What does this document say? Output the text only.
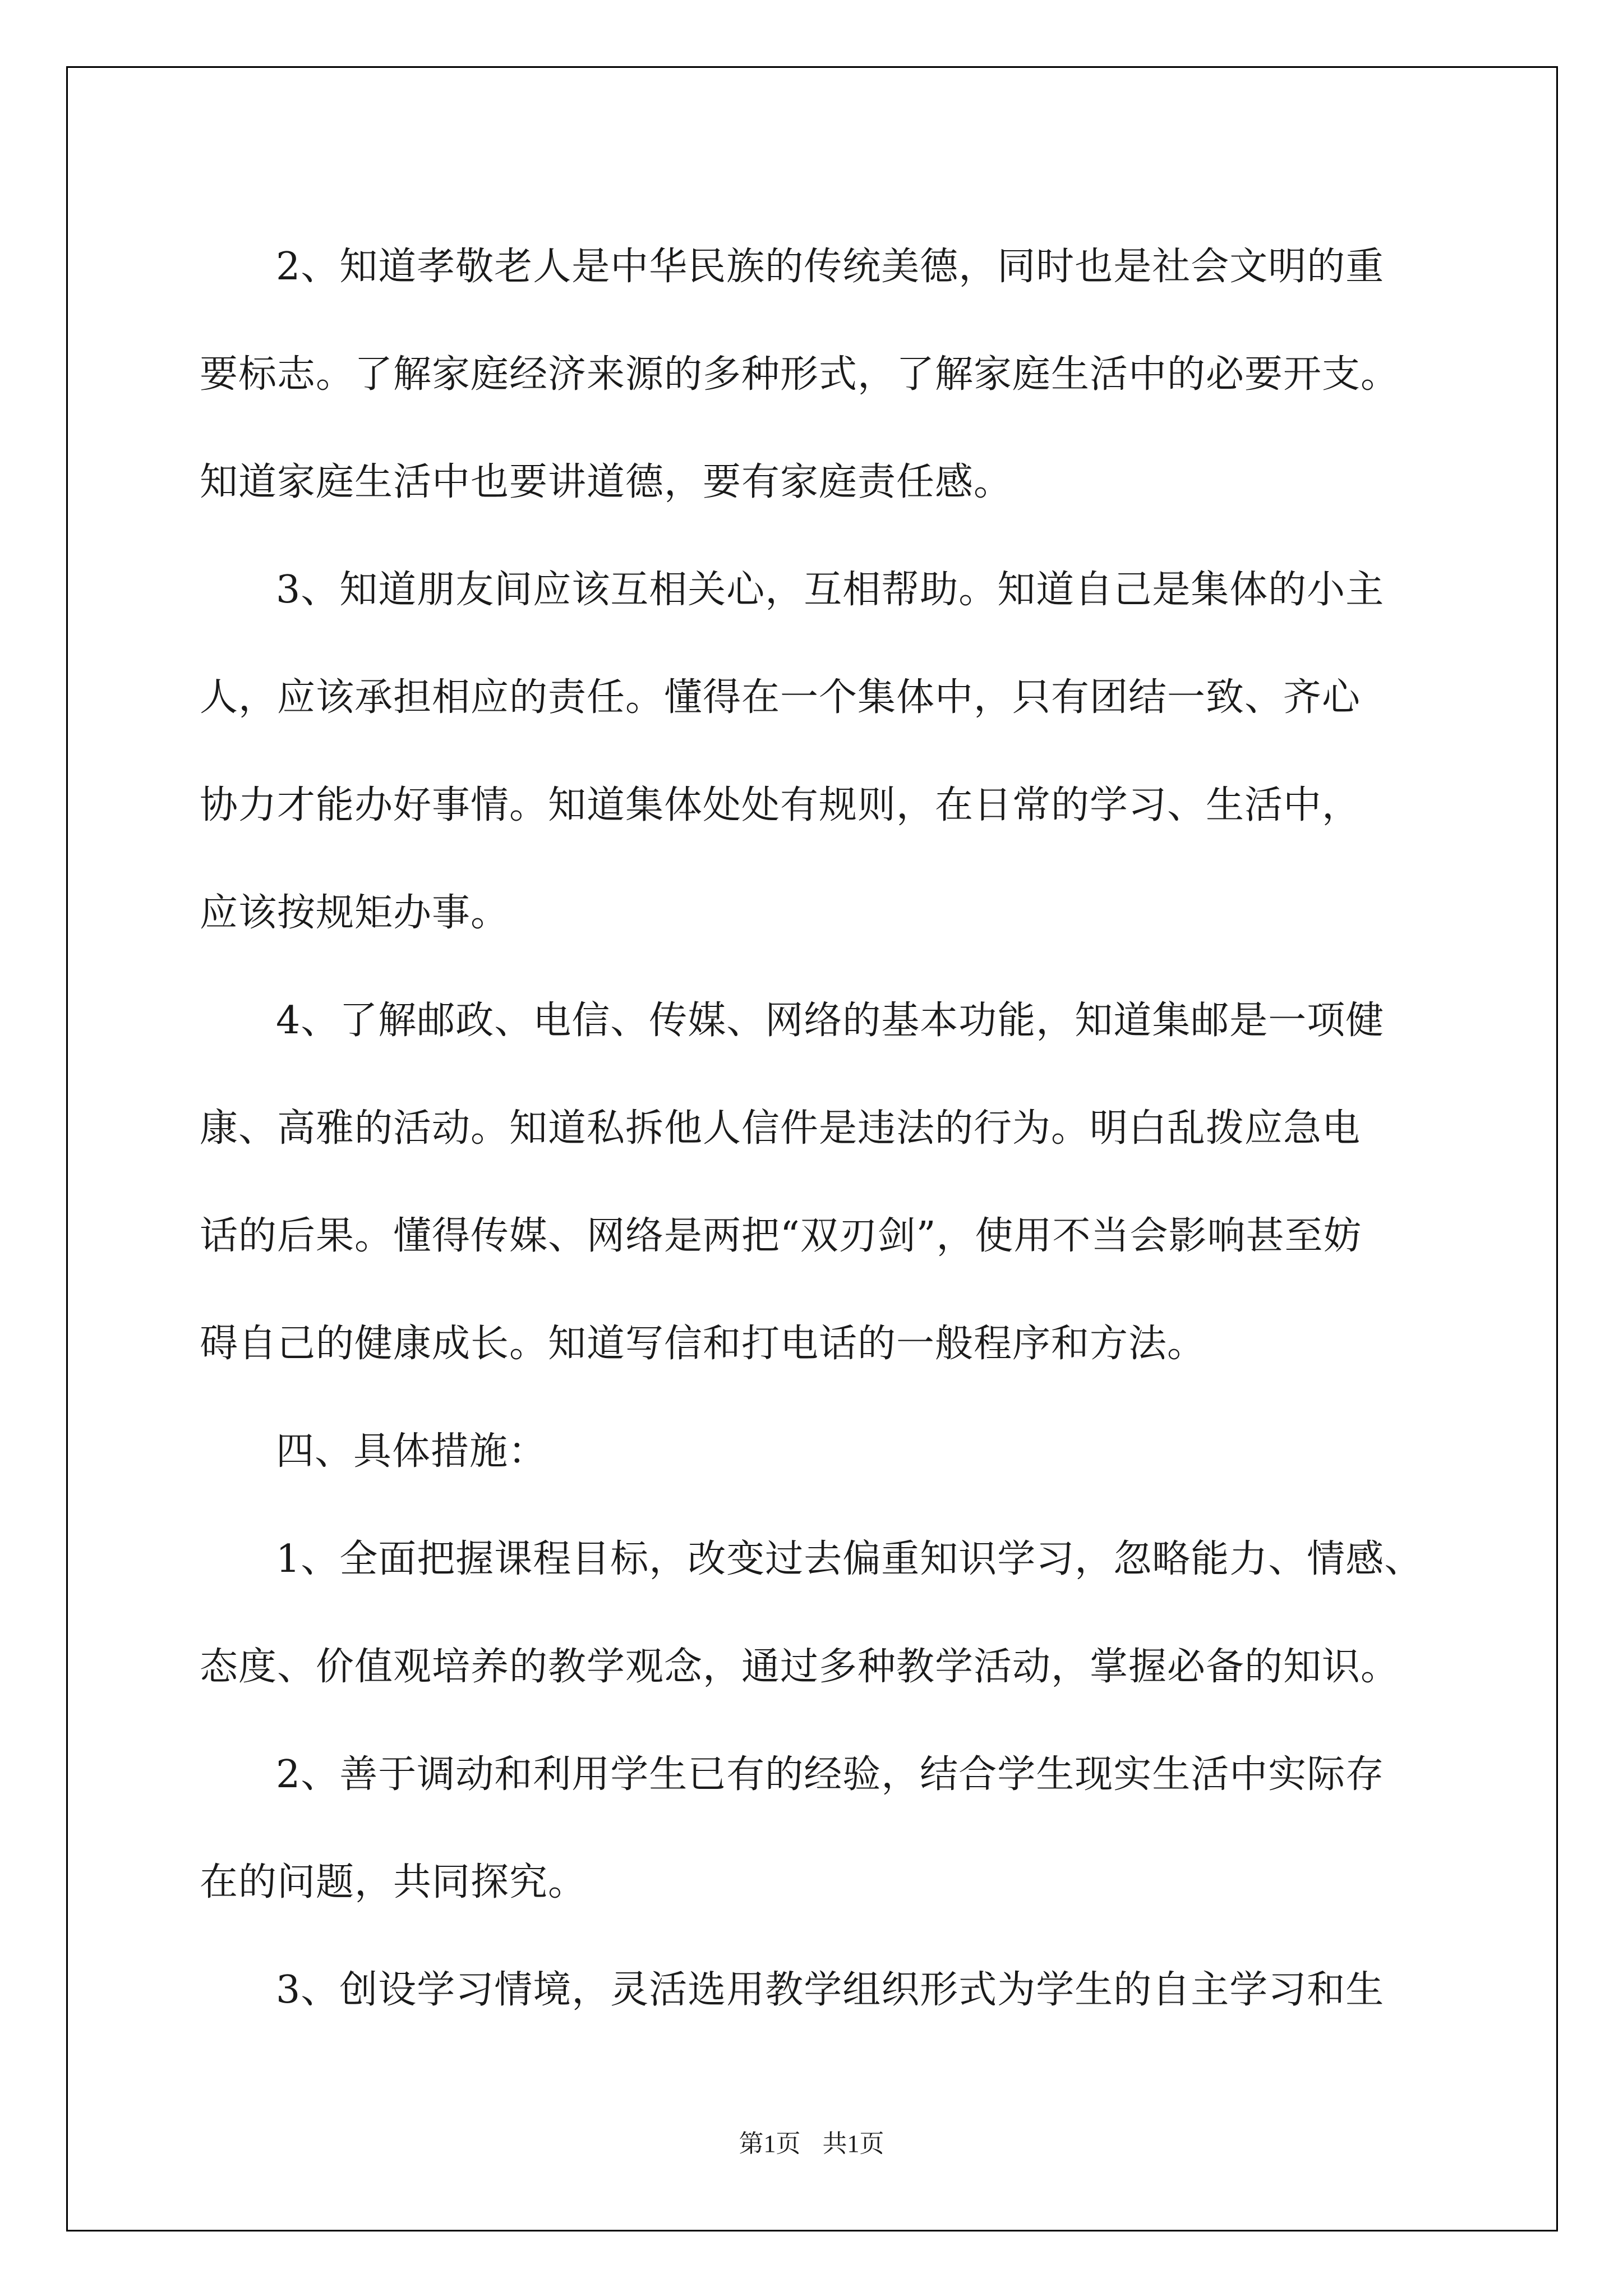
2、知道孝敬老人是中华民族的传统美德，同时也是社会文明的重
要标志。了解家庭经济来源的多种形式，了解家庭生活中的必要开支。
知道家庭生活中也要讲道德，要有家庭责任感。
3、知道朋友间应该互相关心，互相帮助。知道自己是集体的小主
人，应该承担相应的责任。懂得在一个集体中，只有团结一致、齐心
协力才能办好事情。知道集体处处有规则，在日常的学习、生活中，
应该按规矩办事。
4、了解邮政、电信、传媒、网络的基本功能，知道集邮是一项健
康、高雅的活动。知道私拆他人信件是违法的行为。明白乱拨应急电
话的后果。懂得传媒、网络是两把“双刃剑”，使用不当会影响甚至妨
碍自己的健康成长。知道写信和打电话的一般程序和方法。
四、具体措施：
1、全面把握课程目标，改变过去偏重知识学习，忽略能力、情感、
态度、价值观培养的教学观念，通过多种教学活动，掌握必备的知识。
2、善于调动和利用学生已有的经验，结合学生现实生活中实际存
在的问题，共同探究。
3、创设学习情境，灵活选用教学组织形式为学生的自主学习和生
第1页 共1页
